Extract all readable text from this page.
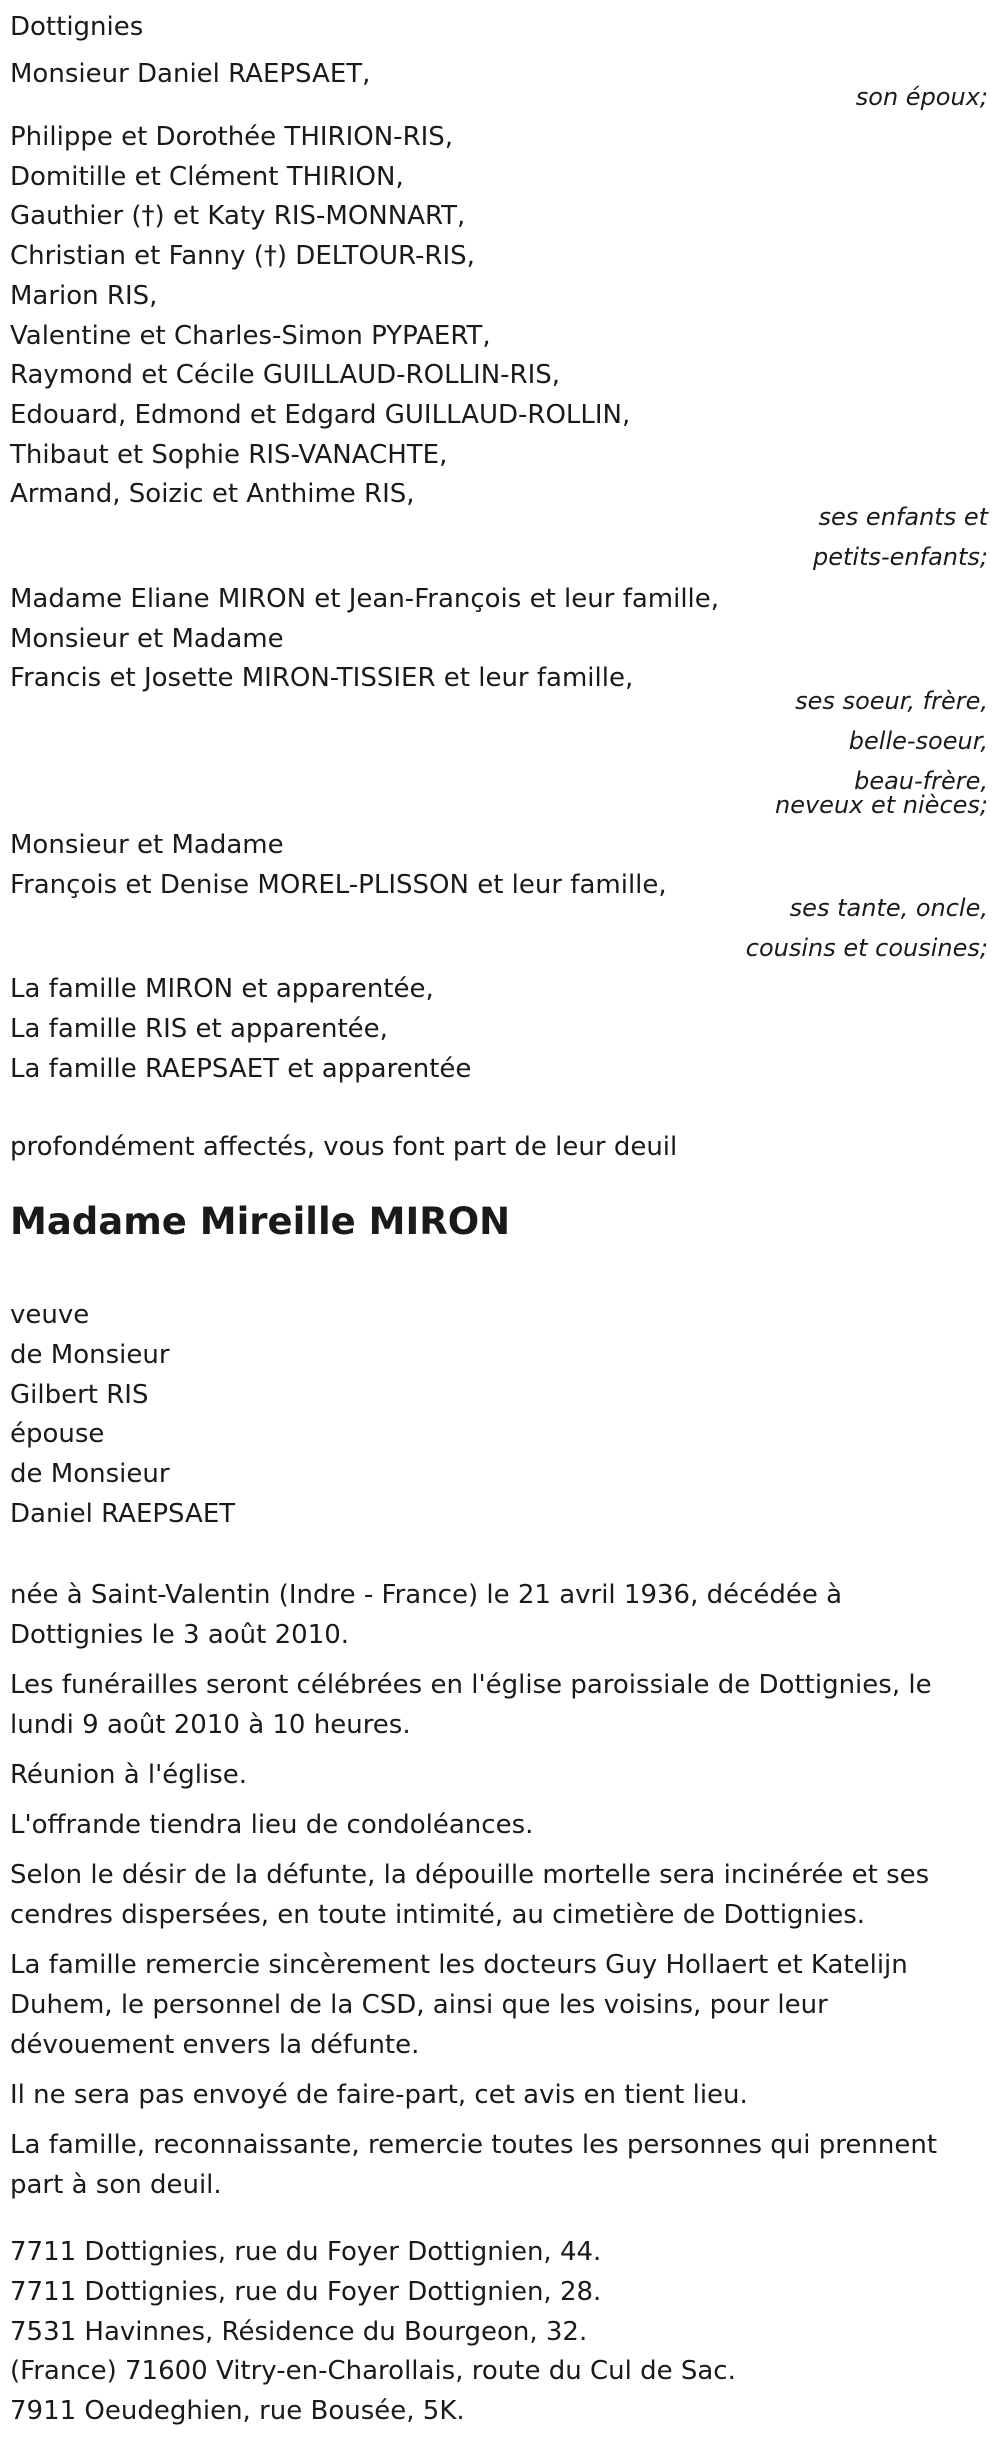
Dottignies

Monsieur Daniel RAEPSAET,

son époux;

Philippe et Dorothée THIRION-RIS,

Domitille et Clément THIRION,

Gauthier (†) et Katy RIS-MONNART,

Christian et Fanny (†) DELTOUR-RIS,

Marion RIS,

Valentine et Charles-Simon PYPAERT,

Raymond et Cécile GUILLAUD-ROLLIN-RIS,

Edouard, Edmond et Edgard GUILLAUD-ROLLIN,

Thibaut et Sophie RIS-VANACHTE,

Armand, Soizic et Anthime RIS,

ses enfants et

petits-enfants;

Madame Eliane MIRON et Jean-François et leur famille,

Monsieur et Madame

Francis et Josette MIRON-TISSIER et leur famille,

ses soeur, frère,

belle-soeur,

beau-frère,

neveux et nièces;

Monsieur et Madame

François et Denise MOREL-PLISSON et leur famille,

ses tante, oncle,

cousins et cousines;

La famille MIRON et apparentée,

La famille RIS et apparentée,

La famille RAEPSAET et apparentée

profondément affectés, vous font part de leur deuil

Madame Mireille MIRON

veuve

de Monsieur

Gilbert RIS

épouse

de Monsieur

Daniel RAEPSAET

née à Saint-Valentin (Indre - France) le 21 avril 1936, décédée à Dottignies le 3 août 2010.

Les funérailles seront célébrées en l'église paroissiale de Dottignies, le lundi 9 août 2010 à 10 heures.

Réunion à l'église.

L'offrande tiendra lieu de condoléances.

Selon le désir de la défunte, la dépouille mortelle sera incinérée et ses cendres dispersées, en toute intimité, au cimetière de Dottignies.

La famille remercie sincèrement les docteurs Guy Hollaert et Katelijn Duhem, le personnel de la CSD, ainsi que les voisins, pour leur dévouement envers la défunte.

Il ne sera pas envoyé de faire-part, cet avis en tient lieu.

La famille, reconnaissante, remercie toutes les personnes qui prennent part à son deuil.

7711 Dottignies, rue du Foyer Dottignien, 44.

7711 Dottignies, rue du Foyer Dottignien, 28.

7531 Havinnes, Résidence du Bourgeon, 32.

(France) 71600 Vitry-en-Charollais, route du Cul de Sac.

7911 Oeudeghien, rue Bousée, 5K.
